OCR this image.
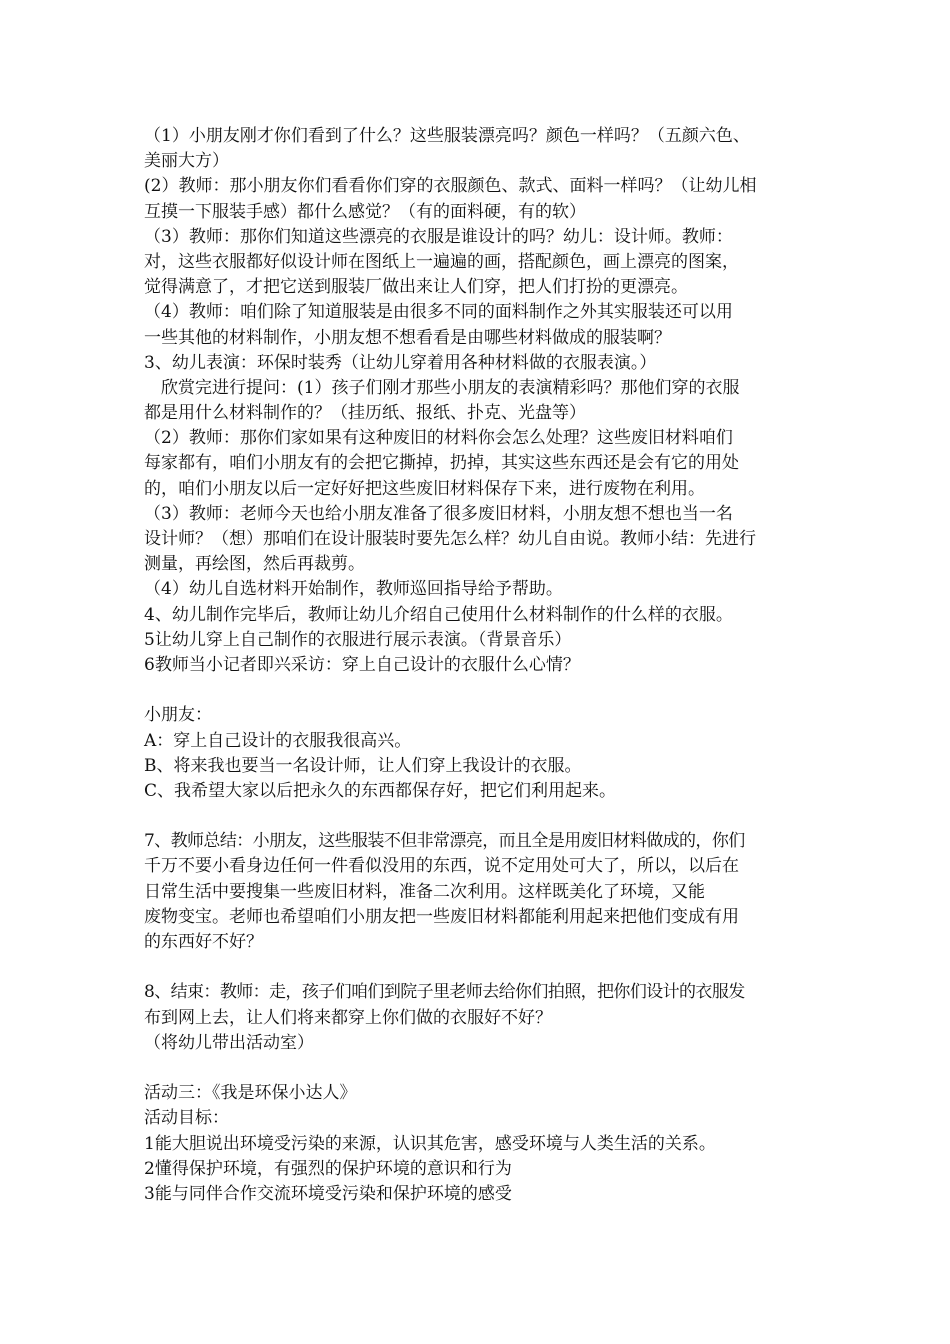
（1）小朋友刚才你们看到了什么？这些服装漂亮吗？颜色一样吗？（五颜六色、
美丽大方）
(2）教师：那小朋友你们看看你们穿的衣服颜色、款式、面料一样吗？（让幼儿相
互摸一下服装手感）都什么感觉？（有的面料硬，有的软）
（3）教师：那你们知道这些漂亮的衣服是谁设计的吗？幼儿：设计师。教师：
对，这些衣服都好似设计师在图纸上一遍遍的画，搭配颜色，画上漂亮的图案，
觉得满意了，才把它送到服装厂做出来让人们穿，把人们打扮的更漂亮。
（4）教师：咱们除了知道服装是由很多不同的面料制作之外其实服装还可以用
一些其他的材料制作，小朋友想不想看看是由哪些材料做成的服装啊？
3、幼儿表演：环保时装秀（让幼儿穿着用各种材料做的衣服表演。）
　欣赏完进行提问：(1）孩子们刚才那些小朋友的表演精彩吗？那他们穿的衣服
都是用什么材料制作的？（挂历纸、报纸、扑克、光盘等）
（2）教师：那你们家如果有这种废旧的材料你会怎么处理？这些废旧材料咱们
每家都有，咱们小朋友有的会把它撕掉，扔掉，其实这些东西还是会有它的用处
的，咱们小朋友以后一定好好把这些废旧材料保存下来，进行废物在利用。
（3）教师：老师今天也给小朋友准备了很多废旧材料，小朋友想不想也当一名
设计师？（想）那咱们在设计服装时要先怎么样？幼儿自由说。教师小结：先进行
测量，再绘图，然后再裁剪。
（4）幼儿自选材料开始制作，教师巡回指导给予帮助。
4、幼儿制作完毕后，教师让幼儿介绍自己使用什么材料制作的什么样的衣服。
5让幼儿穿上自己制作的衣服进行展示表演。（背景音乐）
6教师当小记者即兴采访：穿上自己设计的衣服什么心情？
小朋友：
A：穿上自己设计的衣服我很高兴。
B、将来我也要当一名设计师，让人们穿上我设计的衣服。
C、我希望大家以后把永久的东西都保存好，把它们利用起来。
7、教师总结：小朋友，这些服装不但非常漂亮，而且全是用废旧材料做成的，你们
千万不要小看身边任何一件看似没用的东西，说不定用处可大了，所以，以后在
日常生活中要搜集一些废旧材料，准备二次利用。这样既美化了环境，又能
废物变宝。老师也希望咱们小朋友把一些废旧材料都能利用起来把他们变成有用
的东西好不好？
8、结束：教师：走，孩子们咱们到院子里老师去给你们拍照，把你们设计的衣服发
布到网上去，让人们将来都穿上你们做的衣服好不好？
（将幼儿带出活动室）
活动三：《我是环保小达人》
活动目标：
1能大胆说出环境受污染的来源，认识其危害，感受环境与人类生活的关系。
2懂得保护环境，有强烈的保护环境的意识和行为
3能与同伴合作交流环境受污染和保护环境的感受
